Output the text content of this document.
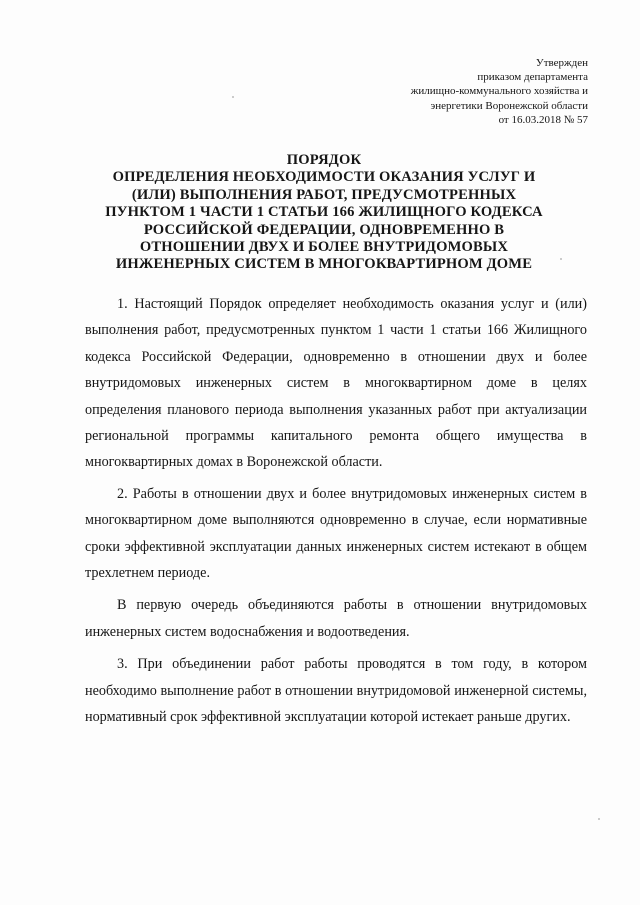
Утвержден
приказом департамента
жилищно-коммунального хозяйства и
энергетики Воронежской области
от 16.03.2018 № 57
ПОРЯДОК
ОПРЕДЕЛЕНИЯ НЕОБХОДИМОСТИ ОКАЗАНИЯ УСЛУГ И
(ИЛИ) ВЫПОЛНЕНИЯ РАБОТ, ПРЕДУСМОТРЕННЫХ
ПУНКТОМ 1 ЧАСТИ 1 СТАТЬИ 166 ЖИЛИЩНОГО КОДЕКСА
РОССИЙСКОЙ ФЕДЕРАЦИИ, ОДНОВРЕМЕННО В
ОТНОШЕНИИ ДВУХ И БОЛЕЕ ВНУТРИДОМОВЫХ
ИНЖЕНЕРНЫХ СИСТЕМ В МНОГОКВАРТИРНОМ ДОМЕ

1. Настоящий Порядок определяет необходимость оказания услуг и (или) выполнения работ, предусмотренных пунктом 1 части 1 статьи 166 Жилищного кодекса Российской Федерации, одновременно в отношении двух и более внутридомовых инженерных систем в многоквартирном доме в целях определения планового периода выполнения указанных работ при актуализации региональной программы капитального ремонта общего имущества в многоквартирных домах в Воронежской области.

2. Работы в отношении двух и более внутридомовых инженерных систем в многоквартирном доме выполняются одновременно в случае, если нормативные сроки эффективной эксплуатации данных инженерных систем истекают в общем трехлетнем периоде.

В первую очередь объединяются работы в отношении внутридомовых инженерных систем водоснабжения и водоотведения.

3. При объединении работ работы проводятся в том году, в котором необходимо выполнение работ в отношении внутридомовой инженерной системы, нормативный срок эффективной эксплуатации которой истекает раньше других.
